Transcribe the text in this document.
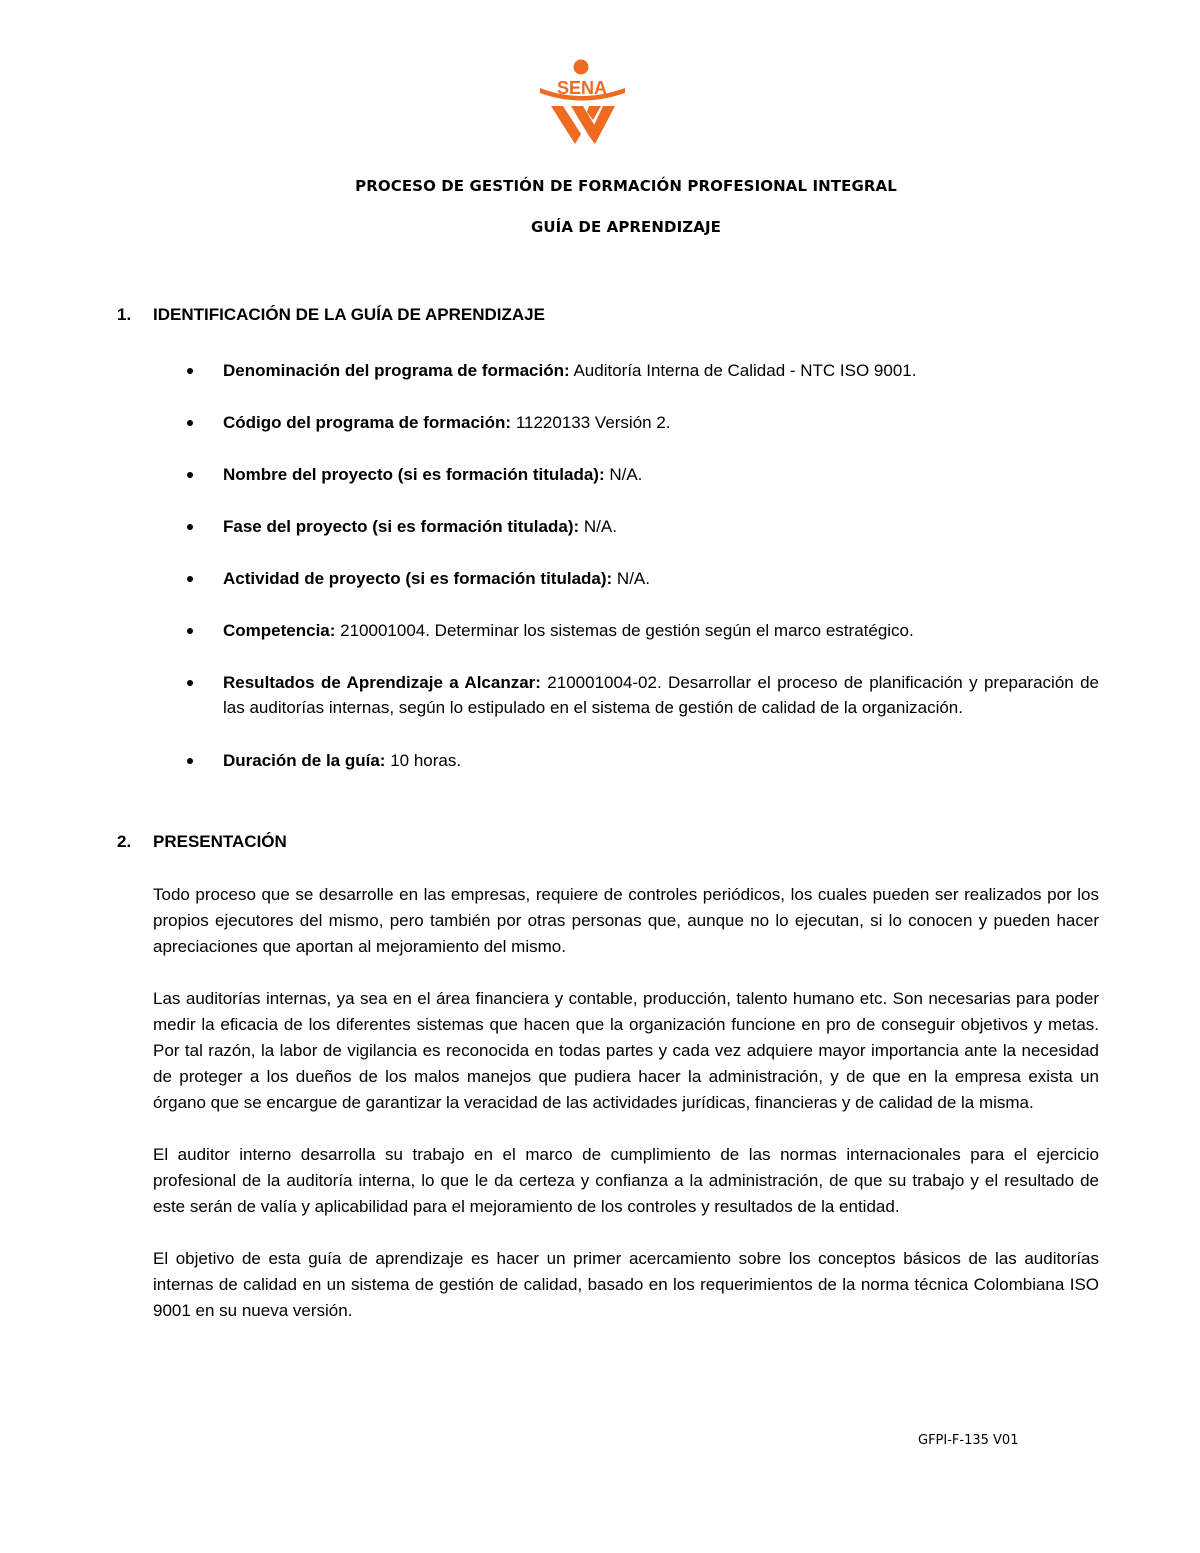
SENA
PROCESO DE GESTIÓN DE FORMACIÓN PROFESIONAL INTEGRAL
GUÍA DE APRENDIZAJE
1. IDENTIFICACIÓN DE LA GUÍA DE APRENDIZAJE
Denominación del programa de formación: Auditoría Interna de Calidad - NTC ISO 9001.
Código del programa de formación: 11220133 Versión 2.
Nombre del proyecto (si es formación titulada): N/A.
Fase del proyecto (si es formación titulada): N/A.
Actividad de proyecto (si es formación titulada): N/A.
Competencia: 210001004. Determinar los sistemas de gestión según el marco estratégico.
Resultados de Aprendizaje a Alcanzar: 210001004-02. Desarrollar el proceso de planificación y preparación de las auditorías internas, según lo estipulado en el sistema de gestión de calidad de la organización.
Duración de la guía: 10 horas.
2. PRESENTACIÓN

Todo proceso que se desarrolle en las empresas, requiere de controles periódicos, los cuales pueden ser realizados por los propios ejecutores del mismo, pero también por otras personas que, aunque no lo ejecutan, si lo conocen y pueden hacer apreciaciones que aportan al mejoramiento del mismo.

Las auditorías internas, ya sea en el área financiera y contable, producción, talento humano etc. Son necesarias para poder medir la eficacia de los diferentes sistemas que hacen que la organización funcione en pro de conseguir objetivos y metas. Por tal razón, la labor de vigilancia es reconocida en todas partes y cada vez adquiere mayor importancia ante la necesidad de proteger a los dueños de los malos manejos que pudiera hacer la administración, y de que en la empresa exista un órgano que se encargue de garantizar la veracidad de las actividades jurídicas, financieras y de calidad de la misma.

El auditor interno desarrolla su trabajo en el marco de cumplimiento de las normas internacionales para el ejercicio profesional de la auditoría interna, lo que le da certeza y confianza a la administración, de que su trabajo y el resultado de este serán de valía y aplicabilidad para el mejoramiento de los controles y resultados de la entidad.

El objetivo de esta guía de aprendizaje es hacer un primer acercamiento sobre los conceptos básicos de las auditorías internas de calidad en un sistema de gestión de calidad, basado en los requerimientos de la norma técnica Colombiana ISO 9001 en su nueva versión.

GFPI-F-135 V01
